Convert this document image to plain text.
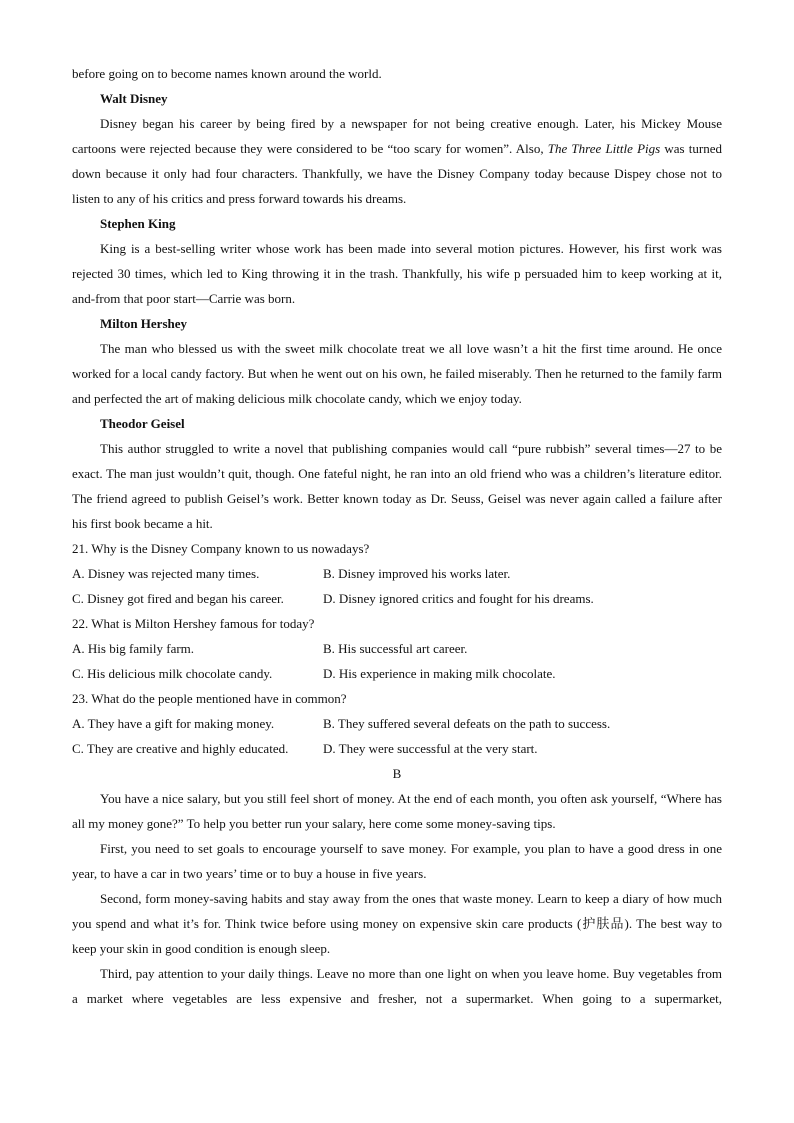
before going on to become names known around the world.

Walt Disney

Disney began his career by being fired by a newspaper for not being creative enough. Later, his Mickey Mouse cartoons were rejected because they were considered to be “too scary for women”. Also, The Three Little Pigs was turned down because it only had four characters. Thankfully, we have the Disney Company today because Dispey chose not to listen to any of his critics and press forward towards his dreams.

Stephen King

King is a best-selling writer whose work has been made into several motion pictures. However, his first work was rejected 30 times, which led to King throwing it in the trash. Thankfully, his wife p persuaded him to keep working at it, and-from that poor start—Carrie was born.

Milton Hershey

The man who blessed us with the sweet milk chocolate treat we all love wasn’t a hit the first time around. He once worked for a local candy factory. But when he went out on his own, he failed miserably. Then he returned to the family farm and perfected the art of making delicious milk chocolate candy, which we enjoy today.

Theodor Geisel

This author struggled to write a novel that publishing companies would call “pure rubbish” several times—27 to be exact. The man just wouldn’t quit, though. One fateful night, he ran into an old friend who was a children’s literature editor. The friend agreed to publish Geisel’s work. Better known today as Dr. Seuss, Geisel was never again called a failure after his first book became a hit.

21. Why is the Disney Company known to us nowadays?

A. Disney was rejected many times.	B. Disney improved his works later.
C. Disney got fired and began his career.	D. Disney ignored critics and fought for his dreams.

22. What is Milton Hershey famous for today?

A. His big family farm.	B. His successful art career.
C. His delicious milk chocolate candy.	D. His experience in making milk chocolate.

23. What do the people mentioned have in common?

A. They have a gift for making money.	B. They suffered several defeats on the path to success.
C. They are creative and highly educated.	D. They were successful at the very start.

B

You have a nice salary, but you still feel short of money. At the end of each month, you often ask yourself, “Where has all my money gone?” To help you better run your salary, here come some money-saving tips.

First, you need to set goals to encourage yourself to save money. For example, you plan to have a good dress in one year, to have a car in two years’ time or to buy a house in five years.

Second, form money-saving habits and stay away from the ones that waste money. Learn to keep a diary of how much you spend and what it’s for. Think twice before using money on expensive skin care products (护肤品). The best way to keep your skin in good condition is enough sleep.

Third, pay attention to your daily things. Leave no more than one light on when you leave home. Buy vegetables from a market where vegetables are less expensive and fresher, not a supermarket. When going to a supermarket,
